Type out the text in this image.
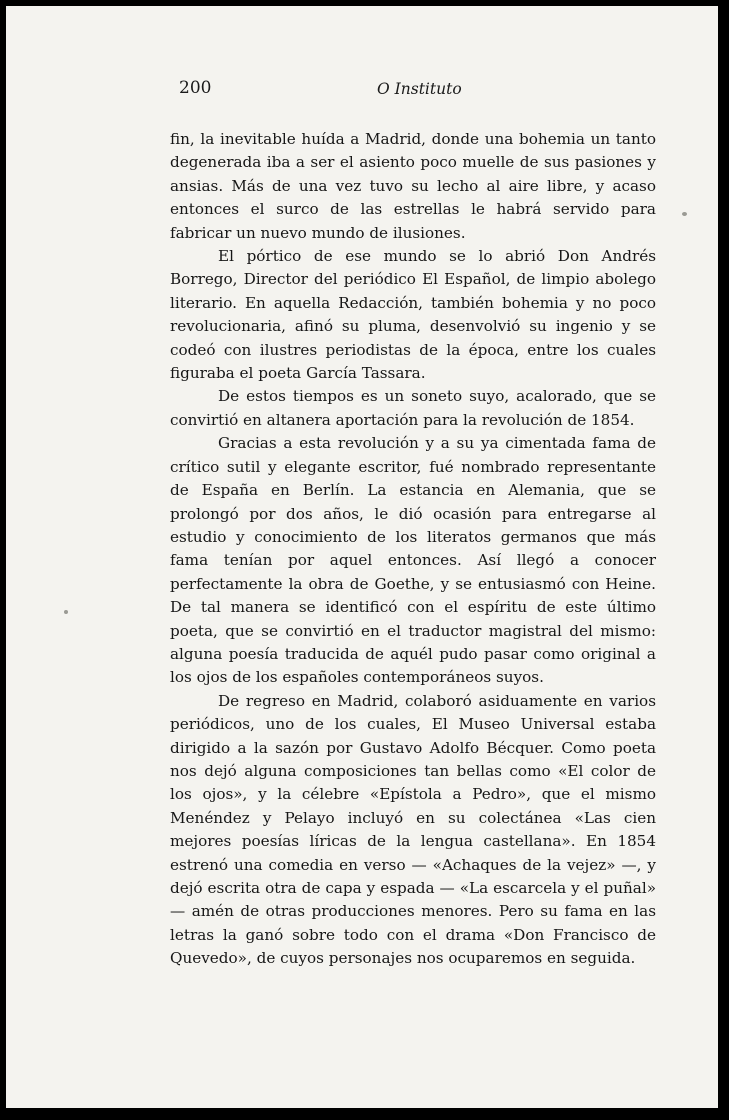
200	O Instituto

fin, la inevitable huída a Madrid, donde una bohemia un tanto degenerada iba a ser el asiento poco muelle de sus pasiones y ansias. Más de una vez tuvo su lecho al aire libre, y acaso entonces el surco de las estrellas le habrá servido para fabricar un nuevo mundo de ilusiones.

El pórtico de ese mundo se lo abrió Don Andrés Borrego, Director del periódico El Español, de limpio abolego literario. En aquella Redacción, también bohemia y no poco revolucionaria, afinó su pluma, desenvolvió su ingenio y se codeó con ilustres periodistas de la época, entre los cuales figuraba el poeta García Tassara.

De estos tiempos es un soneto suyo, acalorado, que se convirtió en altanera aportación para la revolución de 1854.

Gracias a esta revolución y a su ya cimentada fama de crítico sutil y elegante escritor, fué nombrado representante de España en Berlín. La estancia en Alemania, que se prolongó por dos años, le dió ocasión para entregarse al estudio y conocimiento de los literatos germanos que más fama tenían por aquel entonces. Así llegó a conocer perfectamente la obra de Goethe, y se entusiasmó con Heine. De tal manera se identificó con el espíritu de este último poeta, que se convirtió en el traductor magistral del mismo: alguna poesía traducida de aquél pudo pasar como original a los ojos de los españoles contemporáneos suyos.

De regreso en Madrid, colaboró asiduamente en varios periódicos, uno de los cuales, El Museo Universal estaba dirigido a la sazón por Gustavo Adolfo Bécquer. Como poeta nos dejó alguna composiciones tan bellas como «El color de los ojos», y la célebre «Epístola a Pedro», que el mismo Menéndez y Pelayo incluyó en su colectánea «Las cien mejores poesías líricas de la lengua castellana». En 1854 estrenó una comedia en verso — «Achaques de la vejez» —, y dejó escrita otra de capa y espada — «La escarcela y el puñal» — amén de otras producciones menores. Pero su fama en las letras la ganó sobre todo con el drama «Don Francisco de Quevedo», de cuyos personajes nos ocuparemos en seguida.
